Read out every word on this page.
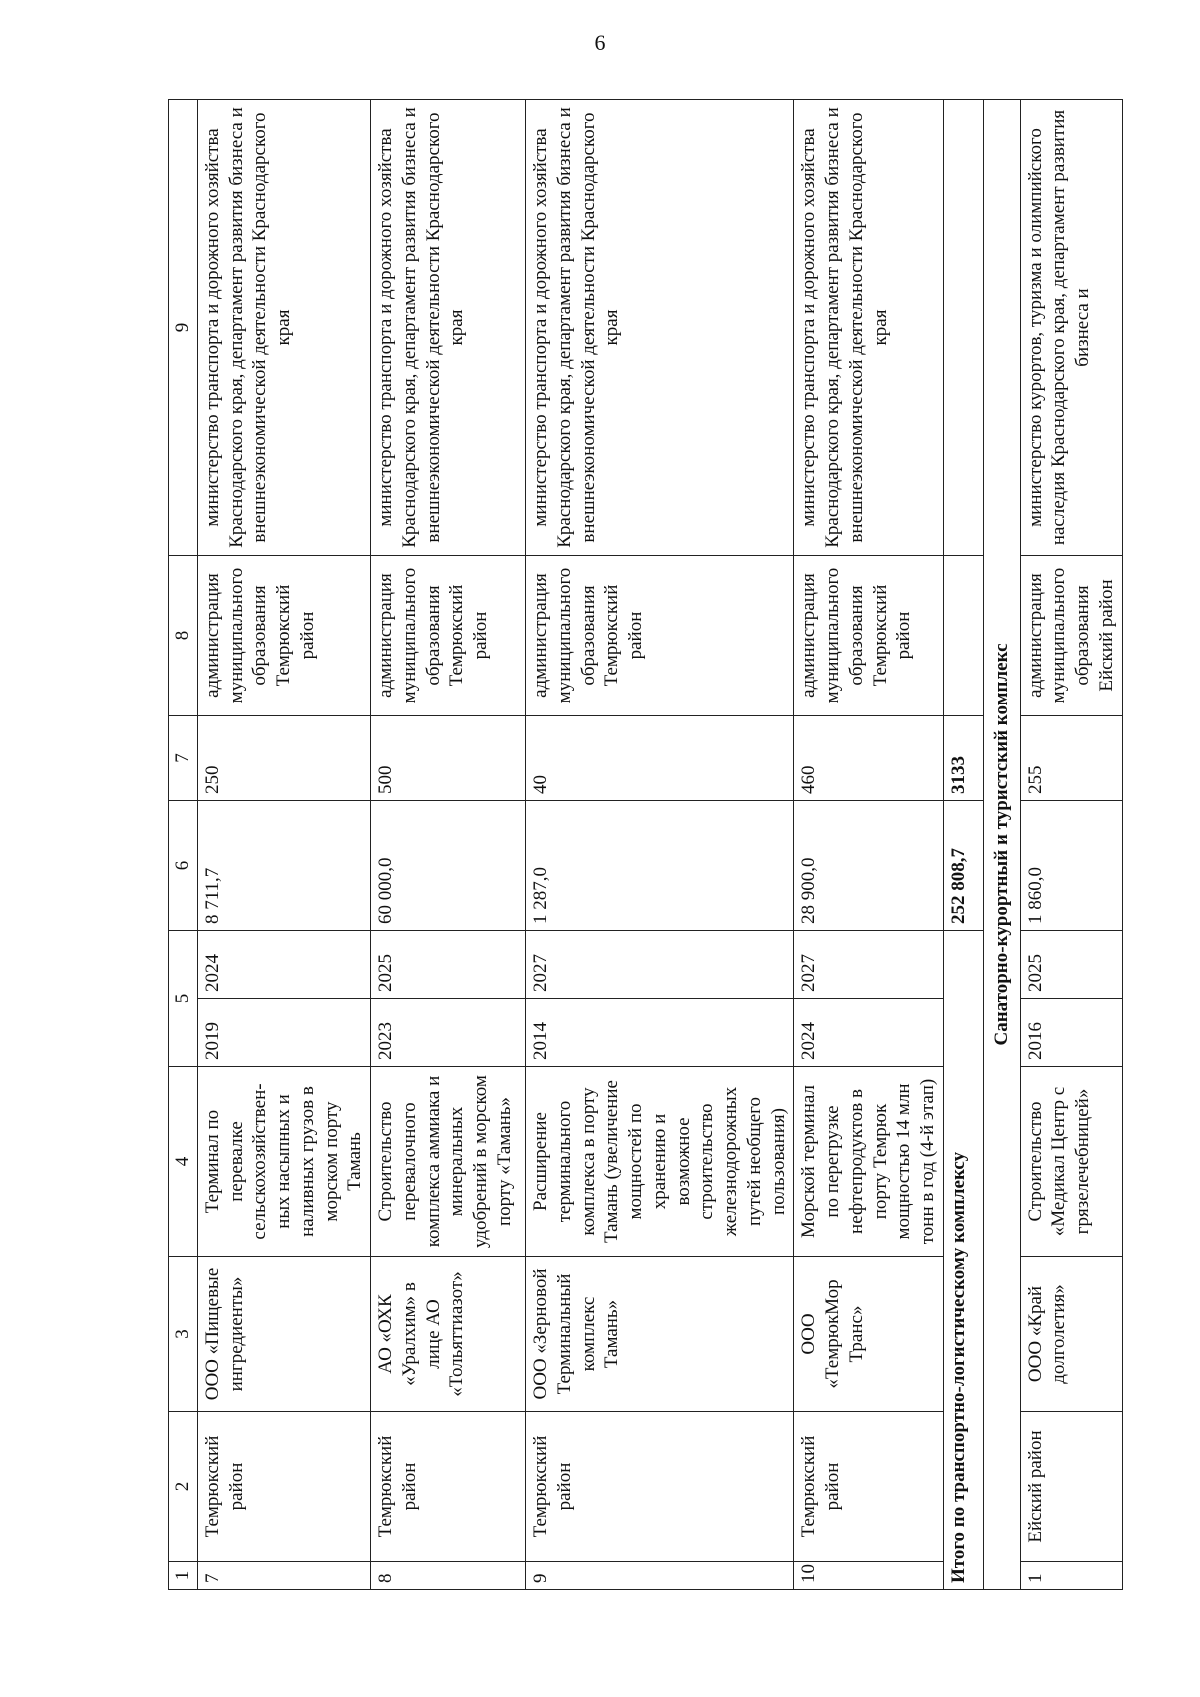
6
1	2	3	4	5		6	7	8	9
7	Темрюкский район	ООО «Пищевые ингредиенты»	Терминал по перевалке сельскохозяйствен-ных насыпных и наливных грузов в морском порту Тамань	2019	2024	8 711,7	250	администрация муниципального образования Темрюкский район	министерство транспорта и дорожного хозяйства Краснодарского края, департамент развития бизнеса и внешнеэкономической деятельности Краснодарского края
8	Темрюкский район	АО «ОХК «Уралхим» в лице АО «Тольяттиазот»	Строительство перевалочного комплекса аммиака и минеральных удобрений в морском порту «Тамань»	2023	2025	60 000,0	500	администрация муниципального образования Темрюкский район	министерство транспорта и дорожного хозяйства Краснодарского края, департамент развития бизнеса и внешнеэкономической деятельности Краснодарского края
9	Темрюкский район	ООО «Зерновой Терминальный комплекс Тамань»	Расширение терминального комплекса в порту Тамань (увеличение мощностей по хранению и возможное строительство железнодорожных путей необщего пользования)	2014	2027	1 287,0	40	администрация муниципального образования Темрюкский район	министерство транспорта и дорожного хозяйства Краснодарского края, департамент развития бизнеса и внешнеэкономической деятельности Краснодарского края
10	Темрюкский район	ООО «ТемрюкМор Транс»	Морской терминал по перегрузке нефтепродуктов в порту Темрюк мощностью 14 млн тонн в год (4-й этап)	2024	2027	28 900,0	460	администрация муниципального образования Темрюкский район	министерство транспорта и дорожного хозяйства Краснодарского края, департамент развития бизнеса и внешнеэкономической деятельности Краснодарского края
Итого по транспортно-логистическому комплексу						252 808,7	3133		
Санаторно-курортный и туристский комплекс									
1	Ейский район	ООО «Край долголетия»	Строительство «Медикал Центр с грязелечебницей»	2016	2025	1 860,0	255	администрация муниципального образования Ейский район	министерство курортов, туризма и олимпийского наследия Краснодарского края, департамент развития бизнеса и
